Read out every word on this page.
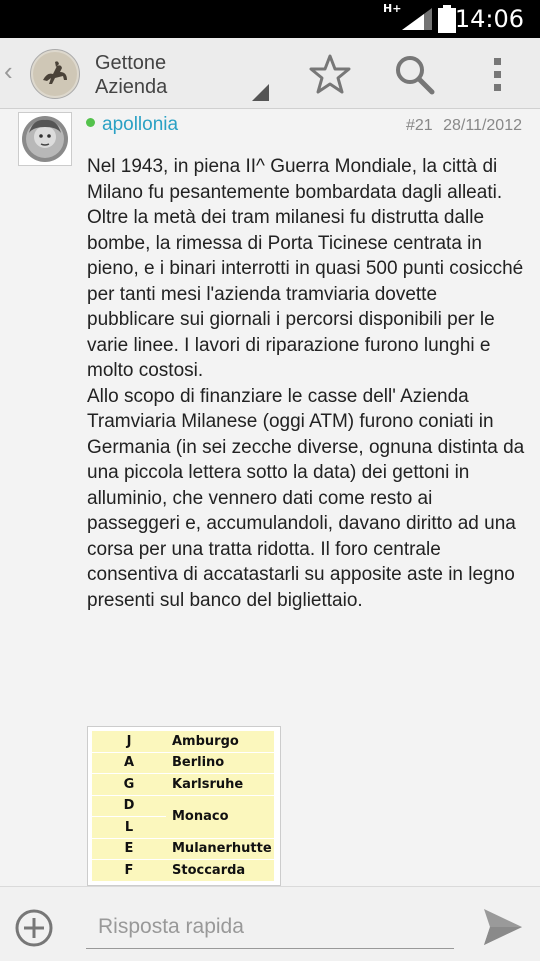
H+ 14:06
‹	Gettone Azienda
apollonia	#21 28/11/2012

Nel 1943, in piena II^ Guerra Mondiale, la città di Milano fu pesantemente bombardata dagli alleati. Oltre la metà dei tram milanesi fu distrutta dalle bombe, la rimessa di Porta Ticinese centrata in pieno, e i binari interrotti in quasi 500 punti cosicché per tanti mesi l'azienda tramviaria dovette pubblicare sui giornali i percorsi disponibili per le varie linee. I lavori di riparazione furono lunghi e molto costosi.

Allo scopo di finanziare le casse dell' Azienda Tramviaria Milanese (oggi ATM) furono coniati in Germania (in sei zecche diverse, ognuna distinta da una piccola lettera sotto la data) dei gettoni in alluminio, che vennero dati come resto ai passeggeri e, accumulandoli, davano diritto ad una corsa per una tratta ridotta. Il foro centrale consentiva di accatastarli su apposite aste in legno presenti sul banco del bigliettaio.

J	Amburgo
A	Berlino
G	Karlsruhe
D	Monaco
L	
E	Mulanerhutte
F	Stoccarda
Risposta rapida
